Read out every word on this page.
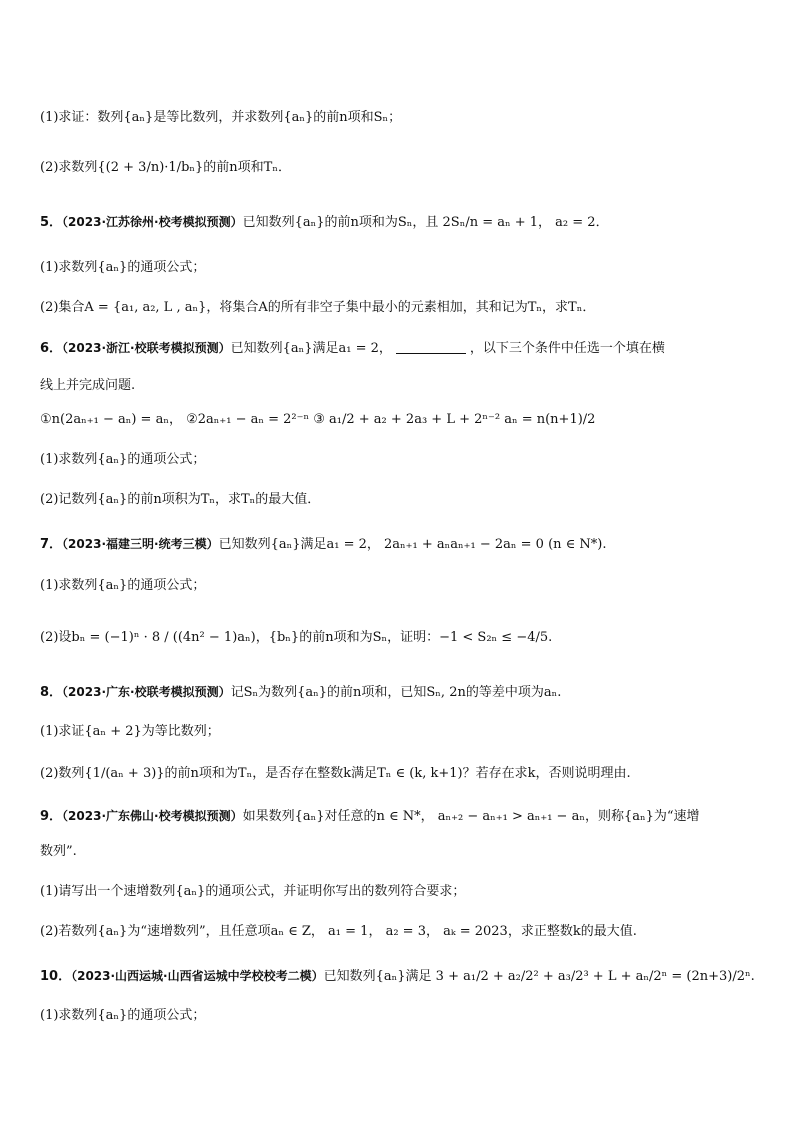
(1)求证：数列{aₙ}是等比数列，并求数列{aₙ}的前n项和Sₙ；
(2)求数列{(2 + 3/n)·1/bₙ}的前n项和Tₙ．
5．（2023·江苏徐州·校考模拟预测）已知数列{aₙ}的前n项和为Sₙ，且 2Sₙ/n = aₙ + 1， a₂ = 2．
(1)求数列{aₙ}的通项公式；
(2)集合A = {a₁, a₂, L , aₙ}，将集合A的所有非空子集中最小的元素相加，其和记为Tₙ，求Tₙ．
6．（2023·浙江·校联考模拟预测）已知数列{aₙ}满足a₁ = 2，	，以下三个条件中任选一个填在横
线上并完成问题.
①n(2aₙ₊₁ − aₙ) = aₙ， ②2aₙ₊₁ − aₙ = 2²⁻ⁿ ③ a₁/2 + a₂ + 2a₃ + L + 2ⁿ⁻² aₙ = n(n+1)/2
(1)求数列{aₙ}的通项公式；
(2)记数列{aₙ}的前n项积为Tₙ，求Tₙ的最大值．
7．（2023·福建三明·统考三模）已知数列{aₙ}满足a₁ = 2， 2aₙ₊₁ + aₙaₙ₊₁ − 2aₙ = 0 (n ∈ N*).
(1)求数列{aₙ}的通项公式；
(2)设bₙ = (−1)ⁿ · 8 / ((4n² − 1)aₙ)，{bₙ}的前n项和为Sₙ，证明：−1 < S₂ₙ ≤ −4/5.
8．（2023·广东·校联考模拟预测）记Sₙ为数列{aₙ}的前n项和，已知Sₙ, 2n的等差中项为aₙ.
(1)求证{aₙ + 2}为等比数列；
(2)数列{1/(aₙ + 3)}的前n项和为Tₙ，是否存在整数k满足Tₙ ∈ (k, k+1)？若存在求k，否则说明理由.
9．（2023·广东佛山·校考模拟预测）如果数列{aₙ}对任意的n ∈ N*， aₙ₊₂ − aₙ₊₁ > aₙ₊₁ − aₙ，则称{aₙ}为“速增
数列”.
(1)请写出一个速增数列{aₙ}的通项公式，并证明你写出的数列符合要求；
(2)若数列{aₙ}为“速增数列”，且任意项aₙ ∈ Z， a₁ = 1， a₂ = 3， aₖ = 2023，求正整数k的最大值.
10．（2023·山西运城·山西省运城中学校校考二模）已知数列{aₙ}满足 3 + a₁/2 + a₂/2² + a₃/2³ + L + aₙ/2ⁿ = (2n+3)/2ⁿ.
(1)求数列{aₙ}的通项公式；
